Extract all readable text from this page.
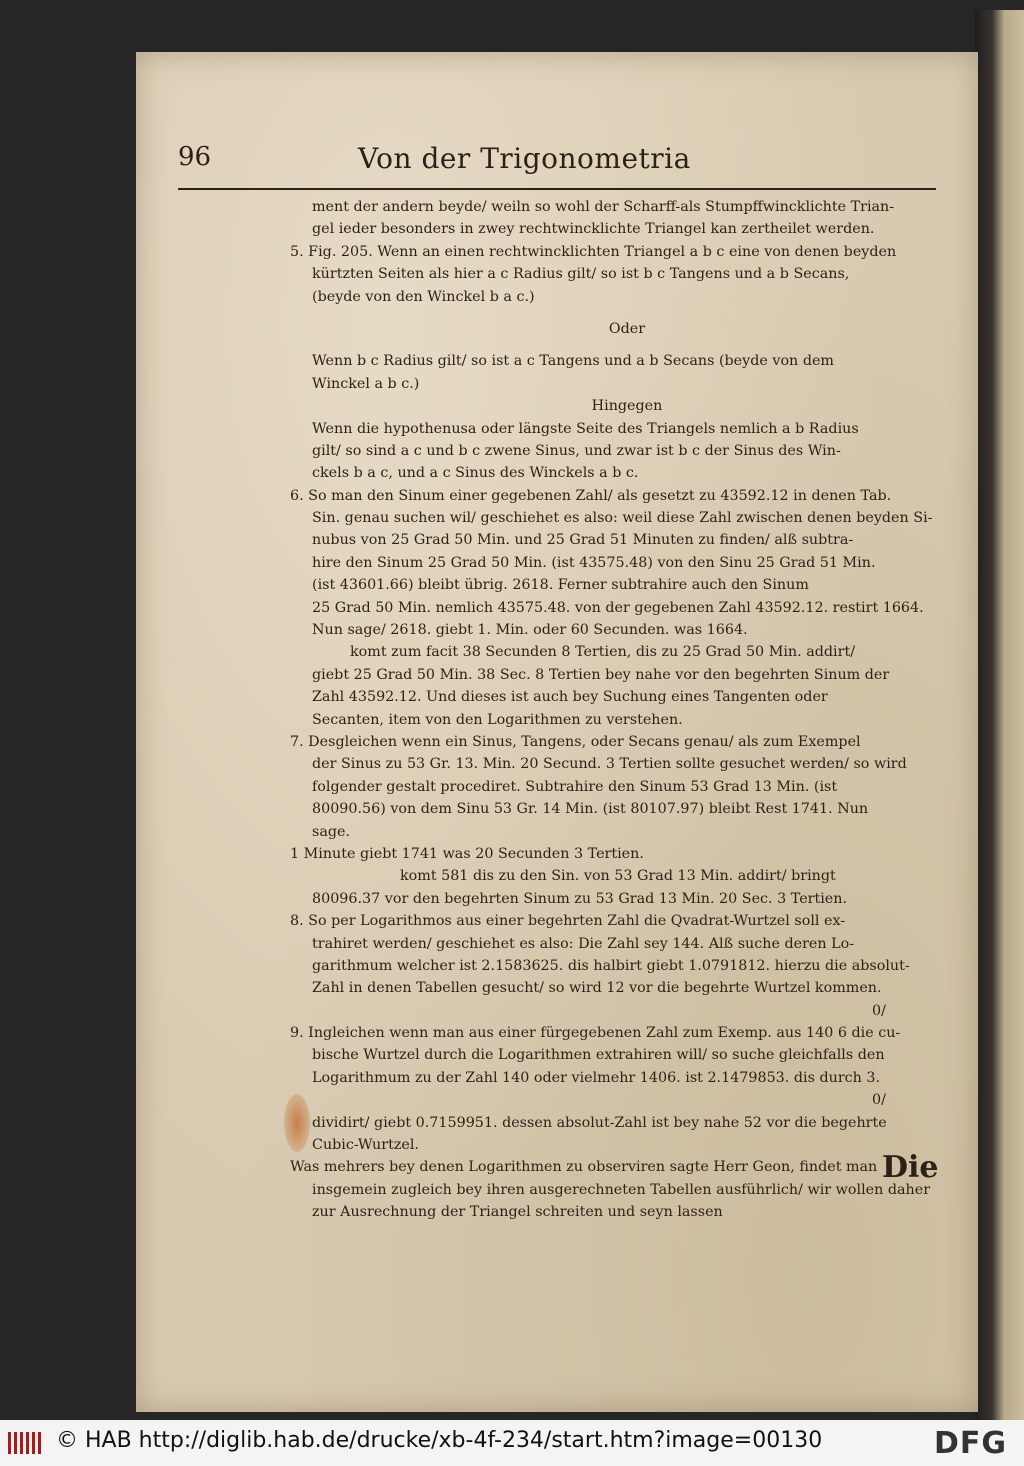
96	Von der Trigonometria
ment der andern beyde/ weiln so wohl der Scharff-als Stumpffwincklichte Trian-
gel ieder besonders in zwey rechtwincklichte Triangel kan zertheilet werden.
5. Fig. 205. Wenn an einen rechtwincklichten Triangel a b c eine von denen beyden
kürtzten Seiten als hier a c Radius gilt/ so ist b c Tangens und a b Secans,
(beyde von den Winckel b a c.)
Oder
Wenn b c Radius gilt/ so ist a c Tangens und a b Secans (beyde von dem
Winckel a b c.)
Hingegen
Wenn die hypothenusa oder längste Seite des Triangels nemlich a b Radius
gilt/ so sind a c und b c zwene Sinus, und zwar ist b c der Sinus des Win-
ckels b a c, und a c Sinus des Winckels a b c.
6. So man den Sinum einer gegebenen Zahl/ als gesetzt zu 43592.12 in denen Tab.
Sin. genau suchen wil/ geschiehet es also: weil diese Zahl zwischen denen beyden Si-
nubus von 25 Grad 50 Min. und 25 Grad 51 Minuten zu finden/ alß subtra-
hire den Sinum 25 Grad 50 Min. (ist 43575.48) von den Sinu 25 Grad 51 Min.
(ist 43601.66) bleibt übrig. 2618. Ferner subtrahire auch den Sinum
25 Grad 50 Min. nemlich 43575.48. von der gegebenen Zahl 43592.12. restirt 1664.
Nun sage/ 2618. giebt 1. Min. oder 60 Secunden. was 1664.
komt zum facit 38 Secunden 8 Tertien, dis zu 25 Grad 50 Min. addirt/
giebt 25 Grad 50 Min. 38 Sec. 8 Tertien bey nahe vor den begehrten Sinum der
Zahl 43592.12. Und dieses ist auch bey Suchung eines Tangenten oder
Secanten, item von den Logarithmen zu verstehen.
7. Desgleichen wenn ein Sinus, Tangens, oder Secans genau/ als zum Exempel
der Sinus zu 53 Gr. 13. Min. 20 Secund. 3 Tertien sollte gesuchet werden/ so wird
folgender gestalt procediret. Subtrahire den Sinum 53 Grad 13 Min. (ist
80090.56) von dem Sinu 53 Gr. 14 Min. (ist 80107.97) bleibt Rest 1741. Nun
sage.
1 Minute giebt 1741 was 20 Secunden 3 Tertien.
komt 581 dis zu den Sin. von 53 Grad 13 Min. addirt/ bringt
80096.37 vor den begehrten Sinum zu 53 Grad 13 Min. 20 Sec. 3 Tertien.
8. So per Logarithmos aus einer begehrten Zahl die Qvadrat-Wurtzel soll ex-
trahiret werden/ geschiehet es also: Die Zahl sey 144. Alß suche deren Lo-
garithmum welcher ist 2.1583625. dis halbirt giebt 1.0791812. hierzu die absolut-
Zahl in denen Tabellen gesucht/ so wird 12 vor die begehrte Wurtzel kommen.
0/
9. Ingleichen wenn man aus einer fürgegebenen Zahl zum Exemp. aus 140 6 die cu-
bische Wurtzel durch die Logarithmen extrahiren will/ so suche gleichfalls den
Logarithmum zu der Zahl 140 oder vielmehr 1406. ist 2.1479853. dis durch 3.
0/
dividirt/ giebt 0.7159951. dessen absolut-Zahl ist bey nahe 52 vor die begehrte
Cubic-Wurtzel.
Was mehrers bey denen Logarithmen zu observiren sagte Herr Geon, findet man
insgemein zugleich bey ihren ausgerechneten Tabellen ausführlich/ wir wollen daher
zur Ausrechnung der Triangel schreiten und seyn lassen
Die
© HAB http://diglib.hab.de/drucke/xb-4f-234/start.htm?image=00130	DFG
